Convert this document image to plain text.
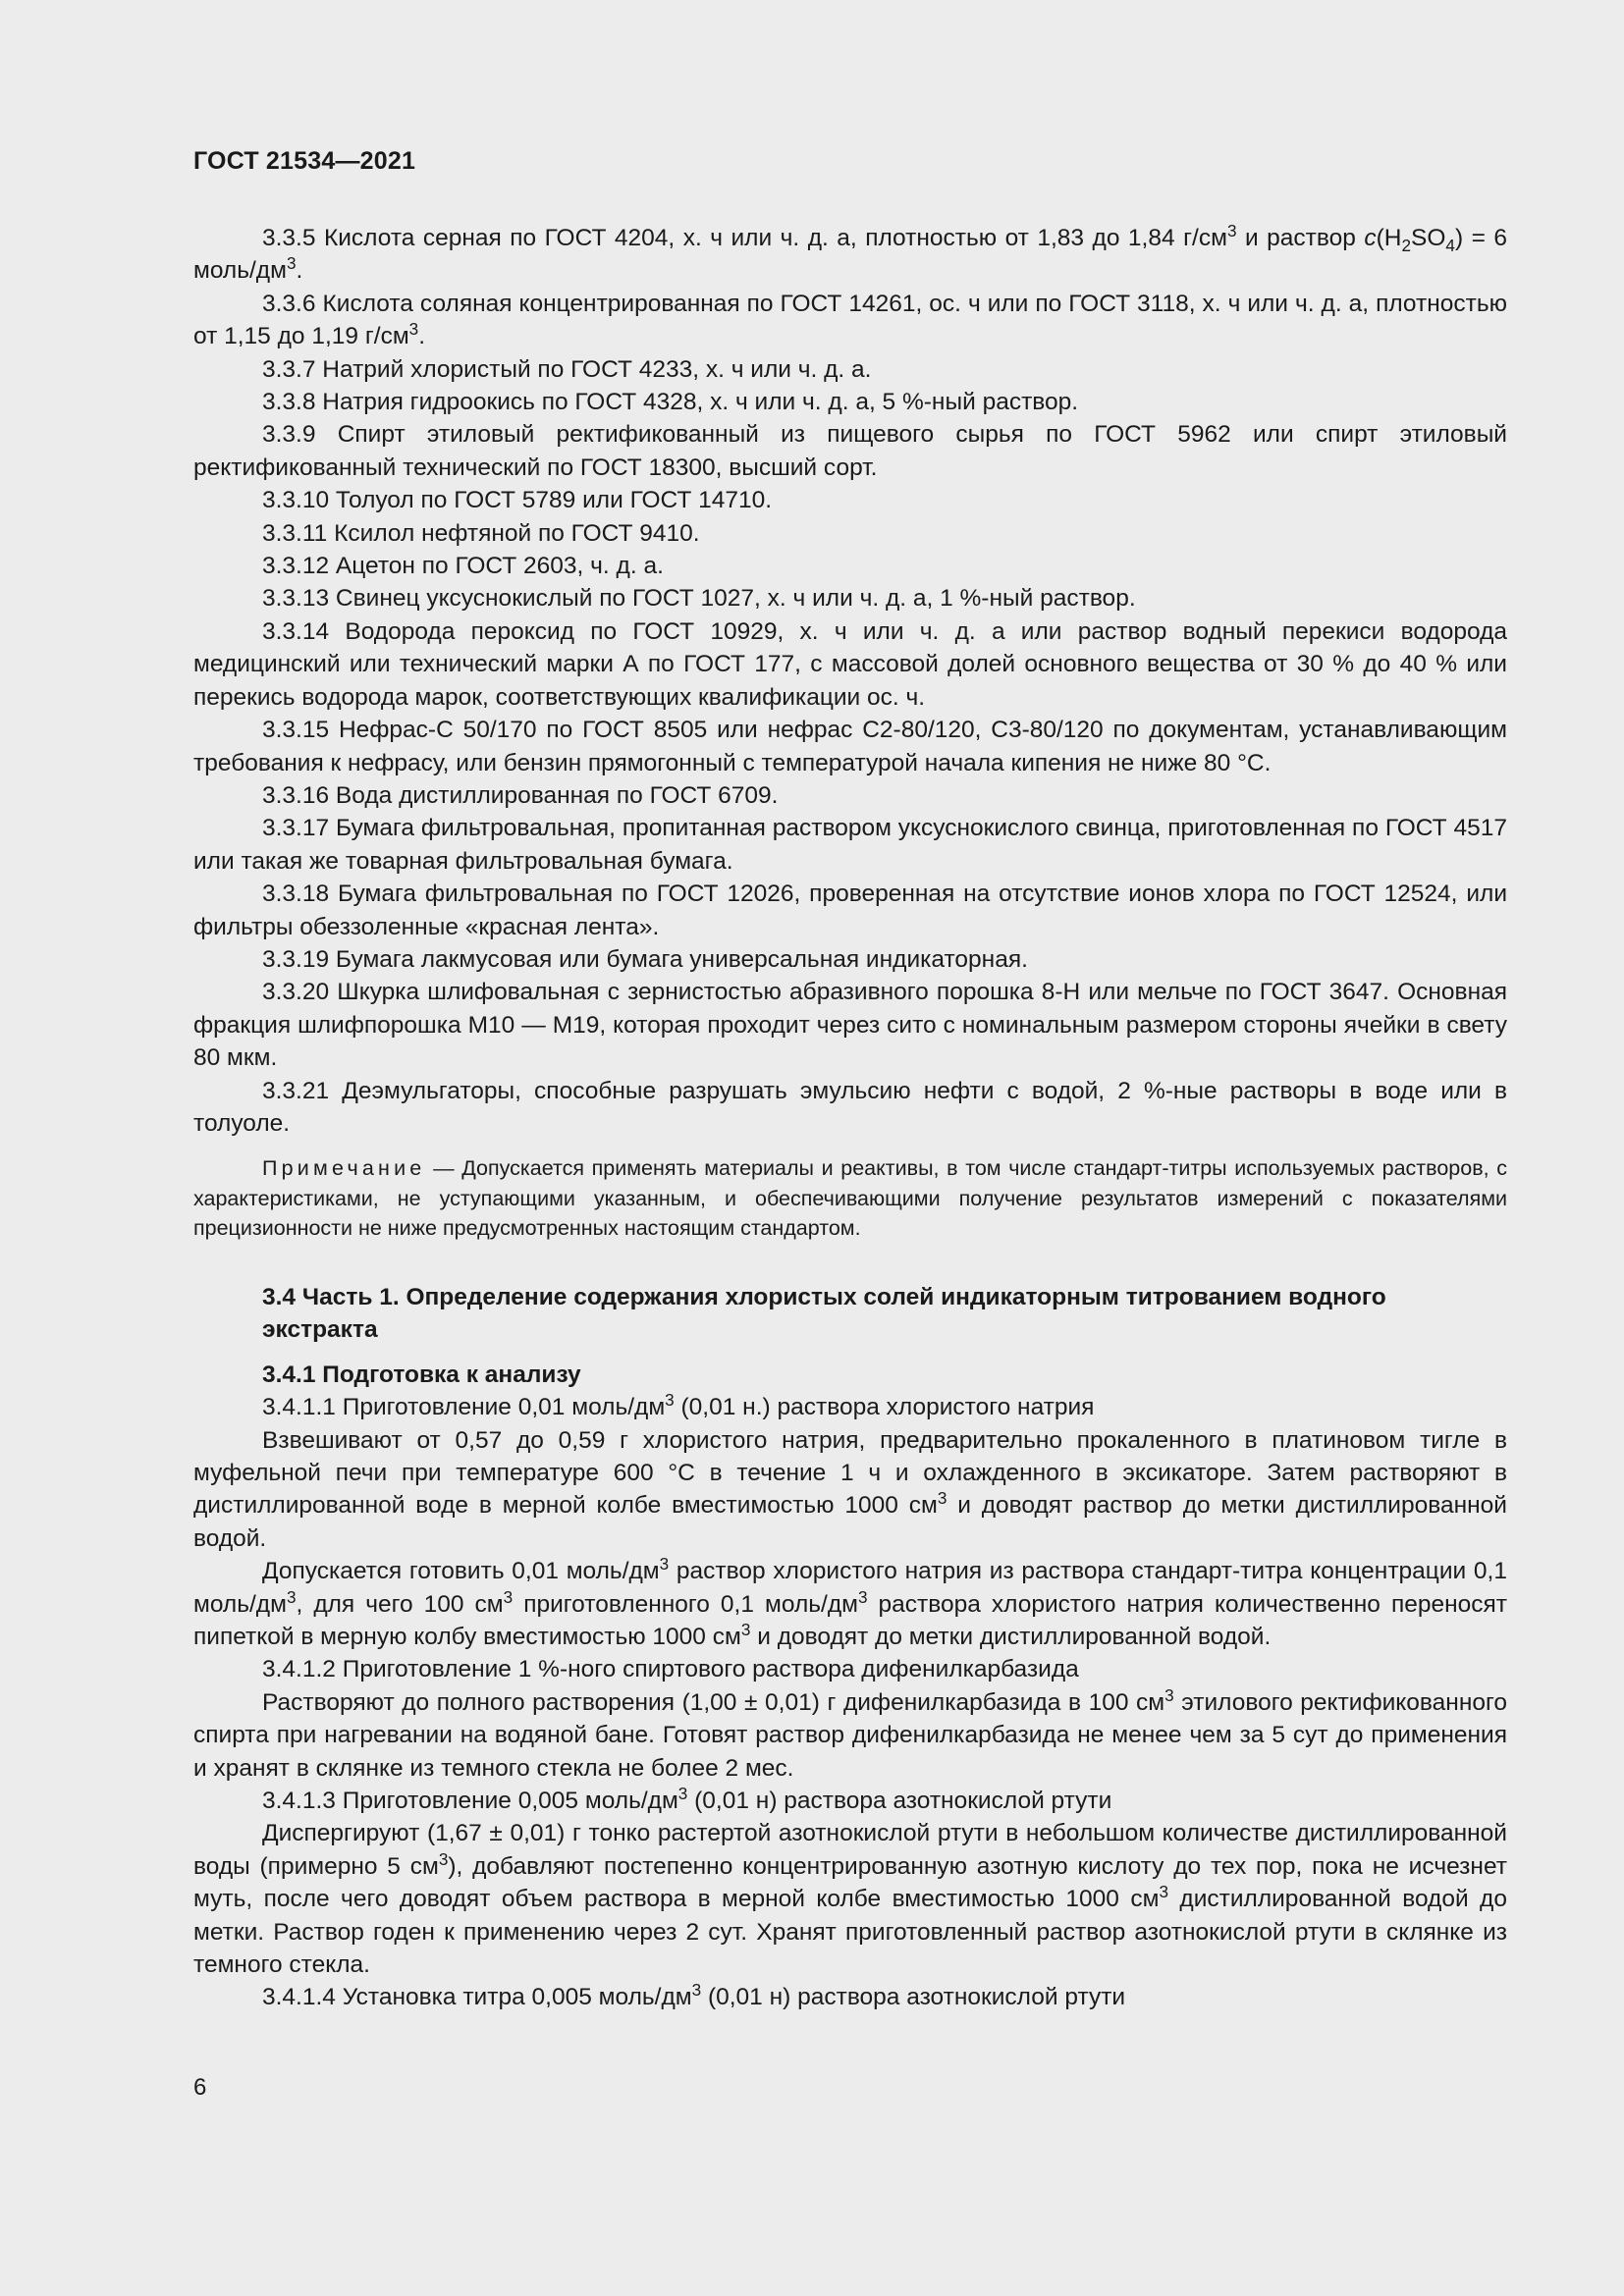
ГОСТ 21534—2021

3.3.5 Кислота серная по ГОСТ 4204, х. ч или ч. д. а, плотностью от 1,83 до 1,84 $г/см^3$ и раствор $c(H_2SO_4) = 6$ моль/$дм^3$.

3.3.6 Кислота соляная концентрированная по ГОСТ 14261, ос. ч или по ГОСТ 3118, х. ч или ч. д. а, плотностью от 1,15 до 1,19 $г/см^3$.

3.3.7 Натрий хлористый по ГОСТ 4233, х. ч или ч. д. а.

3.3.8 Натрия гидроокись по ГОСТ 4328, х. ч или ч. д. а, 5 %-ный раствор.

3.3.9 Спирт этиловый ректификованный из пищевого сырья по ГОСТ 5962 или спирт этиловый ректификованный технический по ГОСТ 18300, высший сорт.

3.3.10 Толуол по ГОСТ 5789 или ГОСТ 14710.

3.3.11 Ксилол нефтяной по ГОСТ 9410.

3.3.12 Ацетон по ГОСТ 2603, ч. д. а.

3.3.13 Свинец уксуснокислый по ГОСТ 1027, х. ч или ч. д. а, 1 %-ный раствор.

3.3.14 Водорода пероксид по ГОСТ 10929, х. ч или ч. д. а или раствор водный перекиси водорода медицинский или технический марки А по ГОСТ 177, с массовой долей основного вещества от 30 % до 40 % или перекись водорода марок, соответствующих квалификации ос. ч.

3.3.15 Нефрас-С 50/170 по ГОСТ 8505 или нефрас С2-80/120, С3-80/120 по документам, устанавливающим требования к нефрасу, или бензин прямогонный с температурой начала кипения не ниже 80 °С.

3.3.16 Вода дистиллированная по ГОСТ 6709.

3.3.17 Бумага фильтровальная, пропитанная раствором уксуснокислого свинца, приготовленная по ГОСТ 4517 или такая же товарная фильтровальная бумага.

3.3.18 Бумага фильтровальная по ГОСТ 12026, проверенная на отсутствие ионов хлора по ГОСТ 12524, или фильтры обеззоленные «красная лента».

3.3.19 Бумага лакмусовая или бумага универсальная индикаторная.

3.3.20 Шкурка шлифовальная с зернистостью абразивного порошка 8-Н или мельче по ГОСТ 3647. Основная фракция шлифпорошка М10 — М19, которая проходит через сито с номинальным размером стороны ячейки в свету 80 мкм.

3.3.21 Деэмульгаторы, способные разрушать эмульсию нефти с водой, 2 %-ные растворы в воде или в толуоле.

Примечание — Допускается применять материалы и реактивы, в том числе стандарт-титры используемых растворов, с характеристиками, не уступающими указанным, и обеспечивающими получение результатов измерений с показателями прецизионности не ниже предусмотренных настоящим стандартом.

3.4 Часть 1. Определение содержания хлористых солей индикаторным титрованием водного экстракта
3.4.1 Подготовка к анализу

3.4.1.1 Приготовление 0,01 моль/$дм^3$ (0,01 н.) раствора хлористого натрия

Взвешивают от 0,57 до 0,59 г хлористого натрия, предварительно прокаленного в платиновом тигле в муфельной печи при температуре 600 °С в течение 1 ч и охлажденного в эксикаторе. Затем растворяют в дистиллированной воде в мерной колбе вместимостью 1000 $см^3$ и доводят раствор до метки дистиллированной водой.

Допускается готовить 0,01 моль/$дм^3$ раствор хлористого натрия из раствора стандарт-титра концентрации 0,1 моль/$дм^3$, для чего 100 $см^3$ приготовленного 0,1 моль/$дм^3$ раствора хлористого натрия количественно переносят пипеткой в мерную колбу вместимостью 1000 $см^3$ и доводят до метки дистиллированной водой.

3.4.1.2 Приготовление 1 %-ного спиртового раствора дифенилкарбазида

Растворяют до полного растворения (1,00 ± 0,01) г дифенилкарбазида в 100 $см^3$ этилового ректификованного спирта при нагревании на водяной бане. Готовят раствор дифенилкарбазида не менее чем за 5 сут до применения и хранят в склянке из темного стекла не более 2 мес.

3.4.1.3 Приготовление 0,005 моль/$дм^3$ (0,01 н) раствора азотнокислой ртути

Диспергируют (1,67 ± 0,01) г тонко растертой азотнокислой ртути в небольшом количестве дистиллированной воды (примерно 5 $см^3$), добавляют постепенно концентрированную азотную кислоту до тех пор, пока не исчезнет муть, после чего доводят объем раствора в мерной колбе вместимостью 1000 $см^3$ дистиллированной водой до метки. Раствор годен к применению через 2 сут. Хранят приготовленный раствор азотнокислой ртути в склянке из темного стекла.

3.4.1.4 Установка титра 0,005 моль/$дм^3$ (0,01 н) раствора азотнокислой ртути

6
